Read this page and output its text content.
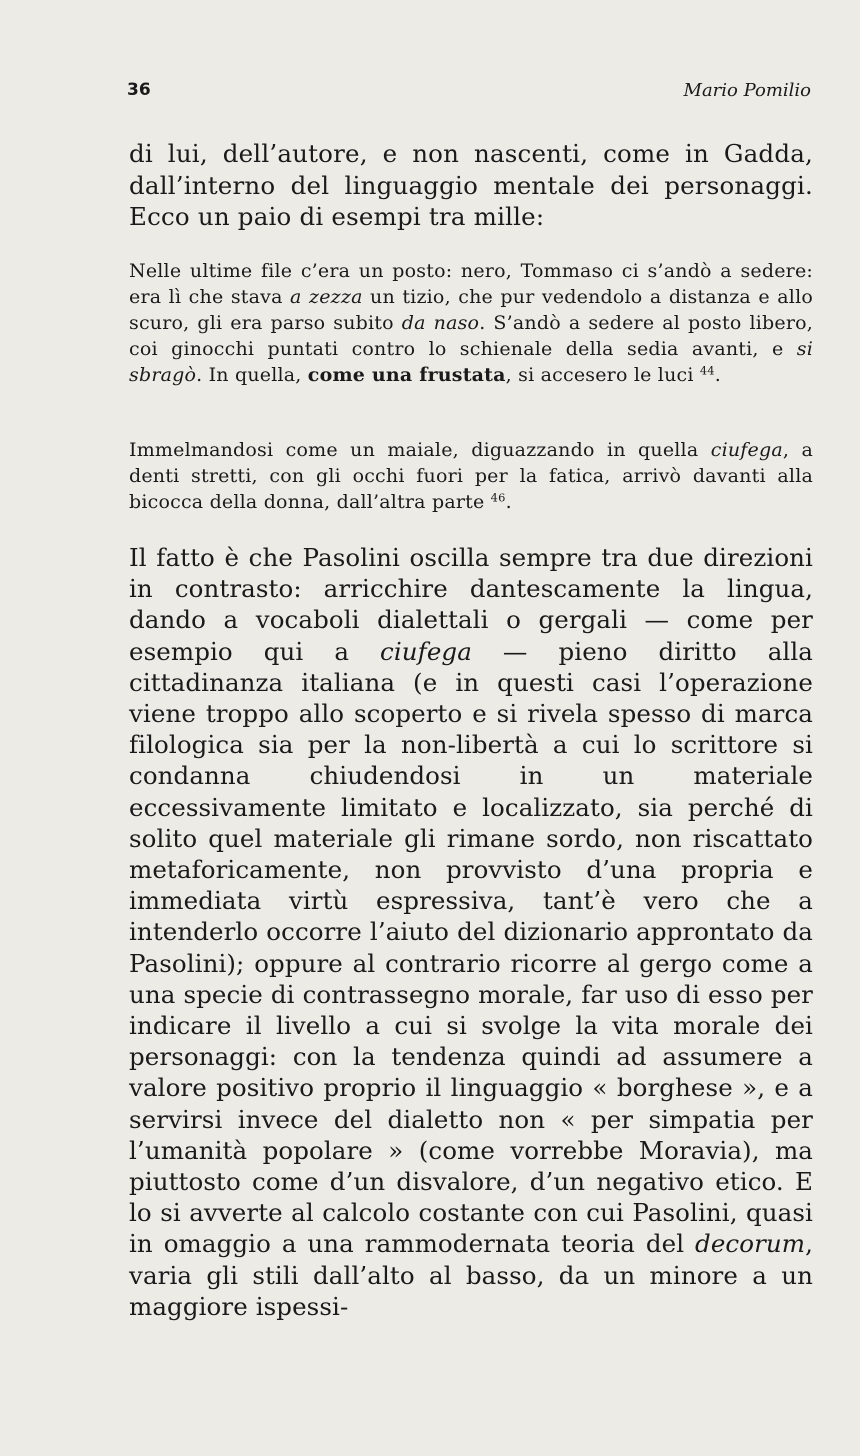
36	Mario Pomilio

di lui, dell’autore, e non nascenti, come in Gadda, dall’interno del linguaggio mentale dei personaggi. Ecco un paio di esempi tra mille:

Nelle ultime file c’era un posto: nero, Tommaso ci s’andò a sedere: era lì che stava a zezza un tizio, che pur vedendolo a distanza e allo scuro, gli era parso subito da naso. S’andò a sedere al posto libero, coi ginocchi puntati contro lo schienale della sedia avanti, e si sbragò. In quella, come una frustata, si accesero le luci $^{44}$.

Immelmandosi come un maiale, diguazzando in quella ciufega, a denti stretti, con gli occhi fuori per la fatica, arrivò davanti alla bicocca della donna, dall’altra parte $^{46}$.

Il fatto è che Pasolini oscilla sempre tra due direzioni in contrasto: arricchire dantescamente la lingua, dando a vocaboli dialettali o gergali — come per esempio qui a ciufega — pieno diritto alla cittadinanza italiana (e in questi casi l’operazione viene troppo allo scoperto e si rivela spesso di marca filologica sia per la non-libertà a cui lo scrittore si condanna chiudendosi in un materiale eccessivamente limitato e localizzato, sia perché di solito quel materiale gli rimane sordo, non riscattato metaforicamente, non provvisto d’una propria e immediata virtù espressiva, tant’è vero che a intenderlo occorre l’aiuto del dizionario approntato da Pasolini); oppure al contrario ricorre al gergo come a una specie di contrassegno morale, far uso di esso per indicare il livello a cui si svolge la vita morale dei personaggi: con la tendenza quindi ad assumere a valore positivo proprio il linguaggio « borghese », e a servirsi invece del dialetto non « per simpatia per l’umanità popolare » (come vorrebbe Moravia), ma piuttosto come d’un disvalore, d’un negativo etico. E lo si avverte al calcolo costante con cui Pasolini, quasi in omaggio a una rammodernata teoria del decorum, varia gli stili dall’alto al basso, da un minore a un maggiore ispessi-
